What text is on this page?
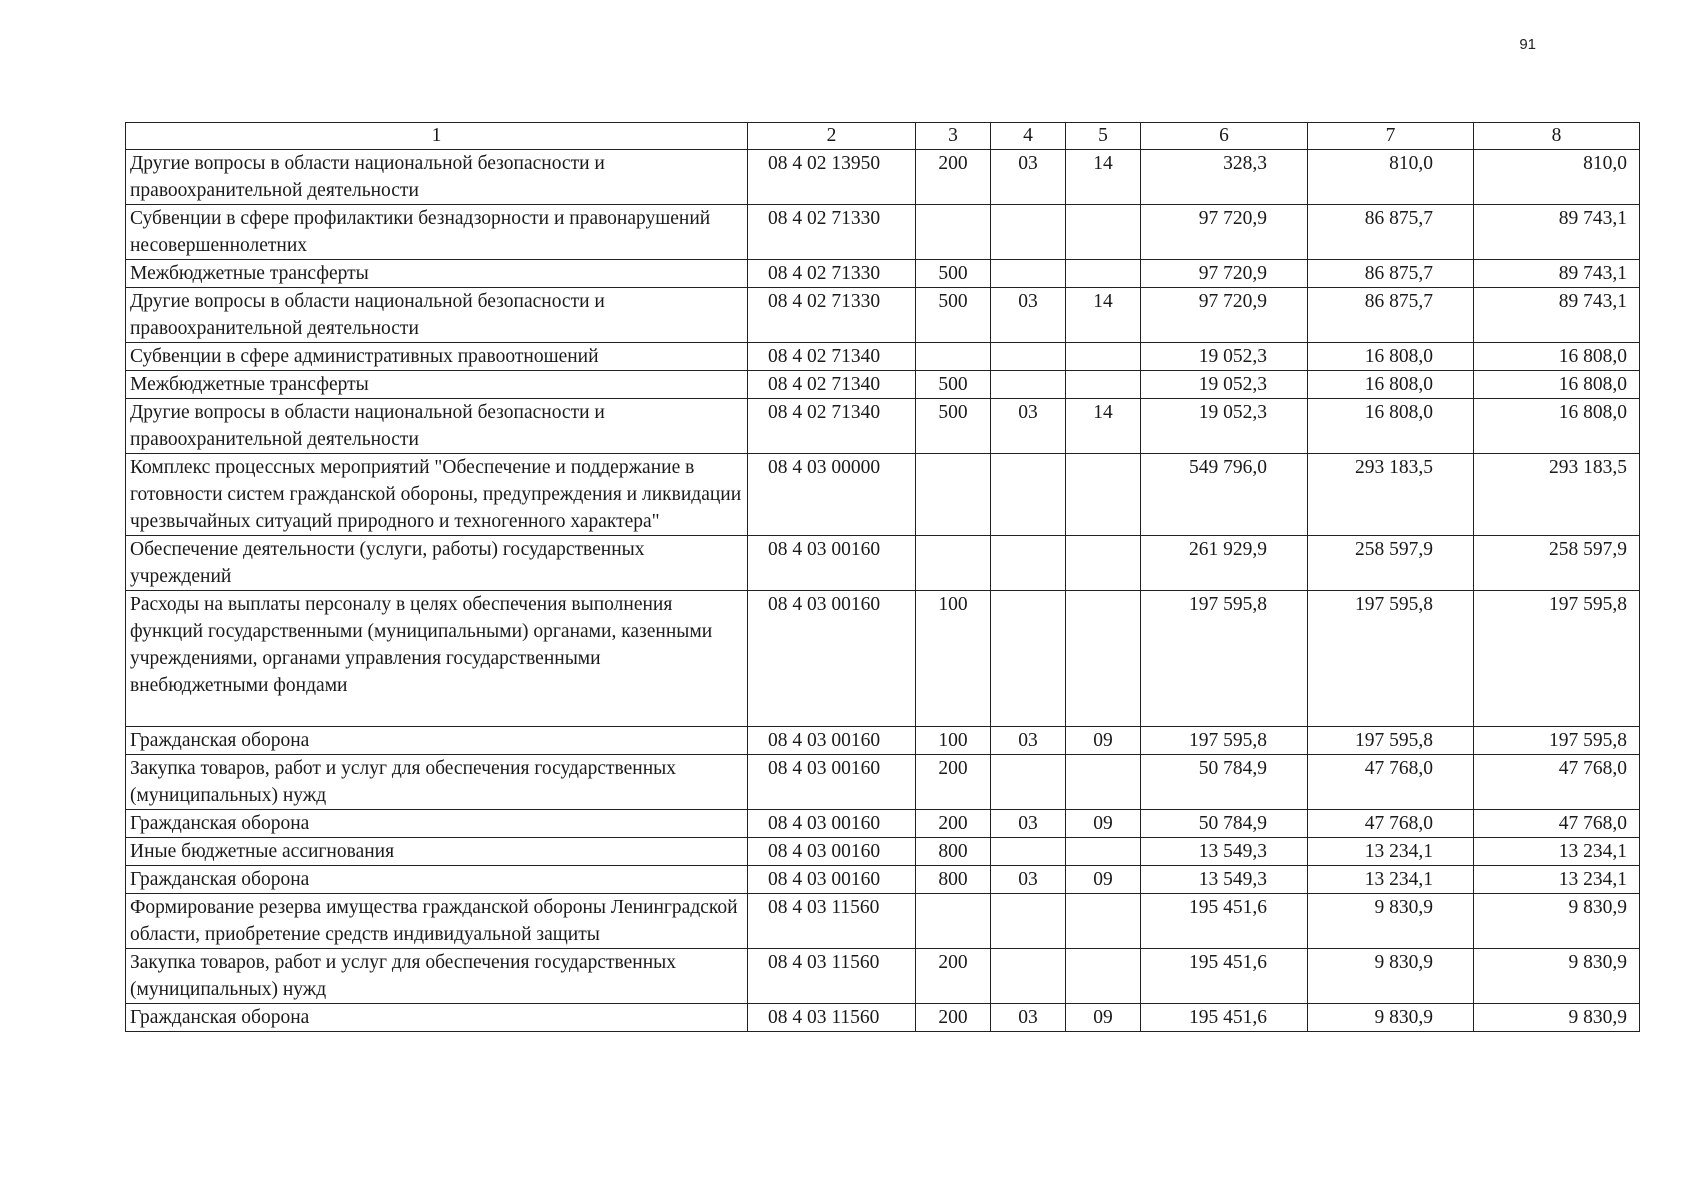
91
1	2	3	4	5	6	7	8
Другие вопросы в области национальной безопасности и правоохранительной деятельности	08 4 02 13950	200	03	14	328,3	810,0	810,0
Субвенции в сфере профилактики безнадзорности и правонарушений несовершеннолетних	08 4 02 71330				97 720,9	86 875,7	89 743,1
Межбюджетные трансферты	08 4 02 71330	500			97 720,9	86 875,7	89 743,1
Другие вопросы в области национальной безопасности и правоохранительной деятельности	08 4 02 71330	500	03	14	97 720,9	86 875,7	89 743,1
Субвенции в сфере административных правоотношений	08 4 02 71340				19 052,3	16 808,0	16 808,0
Межбюджетные трансферты	08 4 02 71340	500			19 052,3	16 808,0	16 808,0
Другие вопросы в области национальной безопасности и правоохранительной деятельности	08 4 02 71340	500	03	14	19 052,3	16 808,0	16 808,0
Комплекс процессных мероприятий "Обеспечение и поддержание в готовности систем гражданской обороны, предупреждения и ликвидации чрезвычайных ситуаций природного и техногенного характера"	08 4 03 00000				549 796,0	293 183,5	293 183,5
Обеспечение деятельности (услуги, работы) государственных учреждений	08 4 03 00160				261 929,9	258 597,9	258 597,9
Расходы на выплаты персоналу в целях обеспечения выполнения функций государственными (муниципальными) органами, казенными учреждениями, органами управления государственными внебюджетными фондами	08 4 03 00160	100			197 595,8	197 595,8	197 595,8
Гражданская оборона	08 4 03 00160	100	03	09	197 595,8	197 595,8	197 595,8
Закупка товаров, работ и услуг для обеспечения государственных (муниципальных) нужд	08 4 03 00160	200			50 784,9	47 768,0	47 768,0
Гражданская оборона	08 4 03 00160	200	03	09	50 784,9	47 768,0	47 768,0
Иные бюджетные ассигнования	08 4 03 00160	800			13 549,3	13 234,1	13 234,1
Гражданская оборона	08 4 03 00160	800	03	09	13 549,3	13 234,1	13 234,1
Формирование резерва имущества гражданской обороны Ленинградской области, приобретение средств индивидуальной защиты	08 4 03 11560				195 451,6	9 830,9	9 830,9
Закупка товаров, работ и услуг для обеспечения государственных (муниципальных) нужд	08 4 03 11560	200			195 451,6	9 830,9	9 830,9
Гражданская оборона	08 4 03 11560	200	03	09	195 451,6	9 830,9	9 830,9
